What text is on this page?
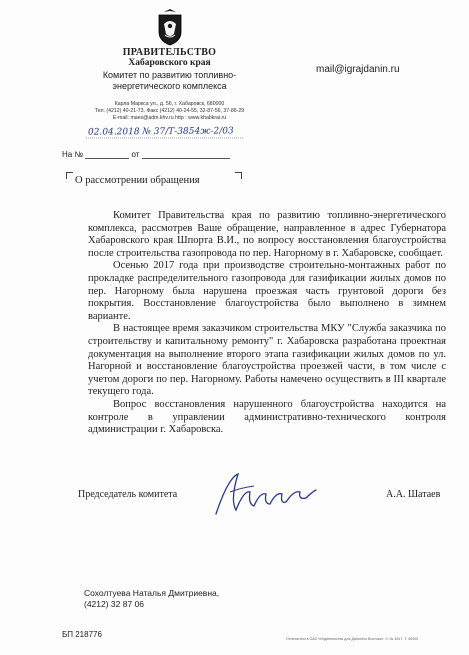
ПРАВИТЕЛЬСТВО
Хабаровского края
Комитет по развитию топливно-энергетического комплекса
Карла Маркса ул., д. 56, г. Хабаровск, 680000
Тел. (4212) 40-21-73. Факс (4212) 40-24-55, 32-87-56, 37-86-29
E-mail: maes@adm.khv.ru http : www.khabkrai.ru
mail@igrajdanin.ru
02.04.2018 № 37/Т-3854ж-2/03
На №	от
О рассмотрении обращения

Комитет Правительства края по развитию топливно-энергетического комплекса, рассмотрев Ваше обращение, направленное в адрес Губернатора Хабаровского края Шпорта В.И., по вопросу восстановления благоустройства после строительства газопровода по пер. Нагорному в г. Хабаровске, сообщает.

Осенью 2017 года при производстве строительно-монтажных работ по прокладке распределительного газопровода для газификации жилых домов по пер. Нагорному была нарушена проезжая часть грунтовой дороги без покрытия. Восстановление благоустройства было выполнено в зимнем варианте.

В настоящее время заказчиком строительства МКУ "Служба заказчика по строительству и капитальному ремонту" г. Хабаровска разработана проектная документация на выполнение второго этапа газификации жилых домов по ул. Нагорной и восстановление благоустройства проезжей части, в том числе с учетом дороги по пер. Нагорному. Работы намечено осуществить в III квартале текущего года.

Вопрос восстановления нарушенного благоустройства находится на контроле в управлении административно-технического контроля администрации г. Хабаровска.

Председатель комитета	А.А. Шатаев
Сохолтуева Наталья Дмитриевна,
(4212) 32 87 06
БП 218776	Отпечатано в ОАО «Издательство для Дальнего Востока». З. № 4617. Т. 50000
